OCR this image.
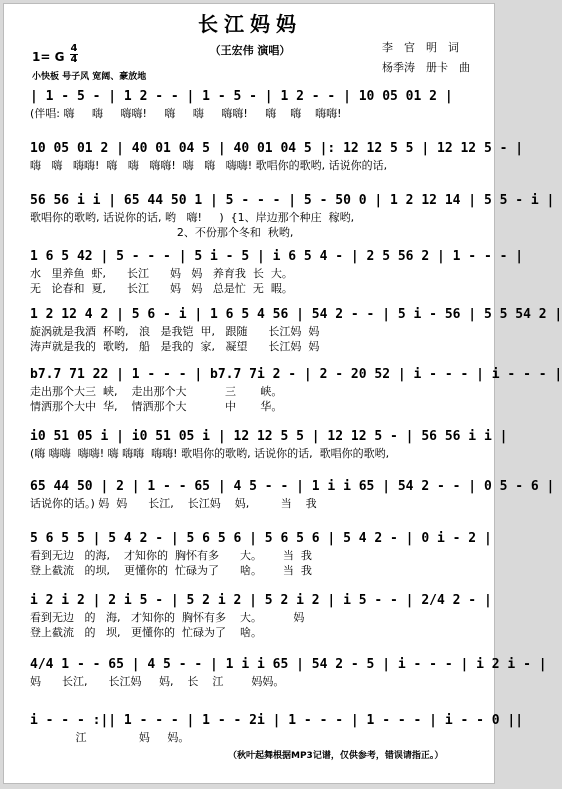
长江妈妈
（王宏伟 演唱）	李　官　明　词
杨季涛　册卡　曲
1= G
4
4
小快板 号子风 宽阔、豪放地
| 1 - 5 - | 1 2 - - | 1 - 5 - | 1 2 - - | 10 05 01 2 |
(伴唱: 嗨     嗨     嗨嗨!     嗨     嗨     嗨嗨!     嗨    嗨    嗨嗨!
10 05 01 2 | 40 01 04 5 | 40 01 04 5 |: 12 12 5 5 | 12 12 5 - |
嗨   嗨   嗨嗨!  嗨   嗨   嗨嗨!  嗨   嗨   嗨嗨! 歌唱你的歌哟, 话说你的话,
56 56 i i | 65 44 50 1 | 5 - - - | 5 - 50 0 | 1 2 12 14 | 5 5 - i |
歌唱你的歌哟, 话说你的话, 哟   嗨!     )  {1、岸边那个种庄  稼哟,
2、不份那个冬和  秋哟,
1 6 5 42 | 5 - - - | 5 i - 5 | i 6 5 4 - | 2 5 56 2 | 1 - - - |
水   里养鱼  虾,      长江      妈   妈   养育我  长  大。
无   论春和  夏,      长江      妈   妈   总是忙  无  暇。
1 2 12 4 2 | 5 6 - i | 1 6 5 4 56 | 54 2 - - | 5 i - 56 | 5 5 54 2 |
旋涡就是我酒  杯哟,   浪   是我铠  甲,   跟随      长江妈  妈
涛声就是我的  歌哟,   船   是我的  家,   凝望      长江妈  妈
b7.7 71 22 | 1 - - - | b7.7 7i 2 - | 2 - 20 52 | i - - - | i - - - |
走出那个大三  峡,    走出那个大           三       峡。
情洒那个大中  华,    情洒那个大           中       华。
i0 51 05 i | i0 51 05 i | 12 12 5 5 | 12 12 5 - | 56 56 i i |
(嗨 嗨嗨  嗨嗨! 嗨 嗨嗨  嗨嗨! 歌唱你的歌哟, 话说你的话,  歌唱你的歌哟,
65 44 50 | 2 | 1 - - 65 | 4 5 - - | 1 i i 65 | 54 2 - - | 0 5 - 6 |
话说你的话。) 妈  妈      长江,    长江妈    妈,         当    我
5 6 5 5 | 5 4 2 - | 5 6 5 6 | 5 6 5 6 | 5 4 2 - | 0 i - 2 |
看到无边   的海,    才知你的  胸怀有多      大。      当  我
登上截流   的坝,    更懂你的  忙碌为了      啥。      当  我
i 2 i 2 | 2 i 5 - | 5 2 i 2 | 5 2 i 2 | i 5 - - | 2/4 2 - |
看到无边   的   海,   才知你的  胸怀有多    大。         妈
登上截流   的   坝,   更懂你的  忙碌为了    啥。
4/4 1 - - 65 | 4 5 - - | 1 i i 65 | 54 2 - 5 | i - - - | i 2 i - |
妈      长江,      长江妈     妈,    长    江        妈妈。
i - - - :|| 1 - - - | 1 - - 2i | 1 - - - | 1 - - - | i - - 0 ||
江               妈     妈。
（秋叶起舞根据MP3记谱，仅供参考，错误请指正。）
